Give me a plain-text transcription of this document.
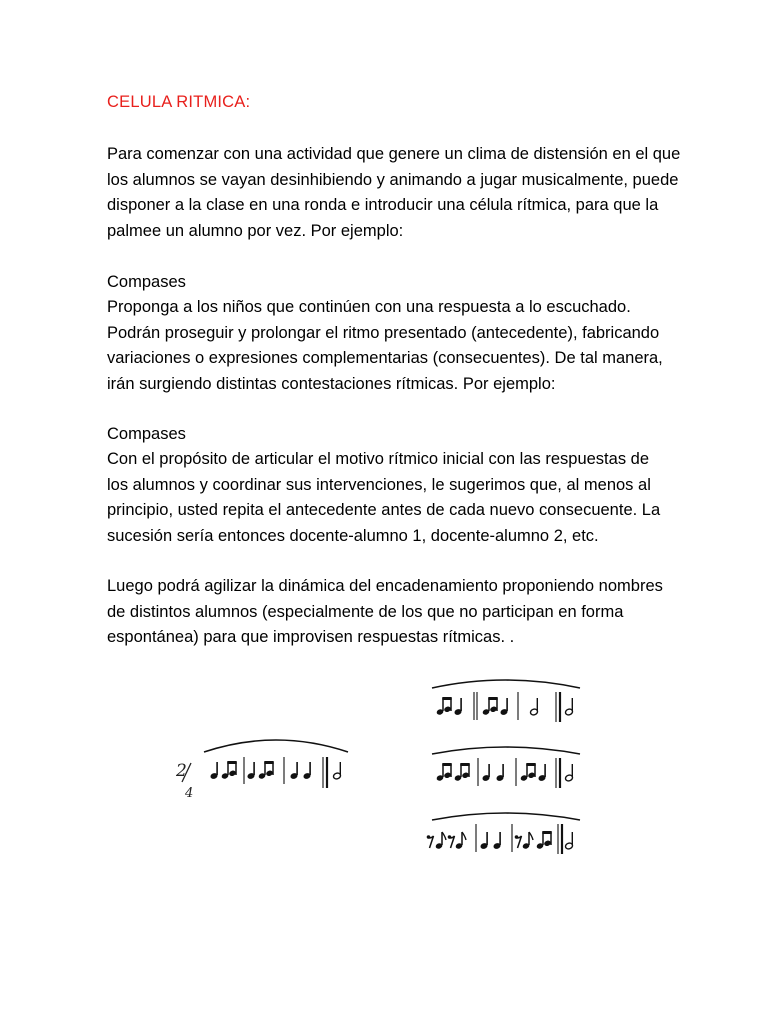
CELULA RITMICA:
Para comenzar con una actividad que genere un clima de distensión en el que
los alumnos se vayan desinhibiendo y animando a jugar musicalmente, puede
disponer a la clase en una ronda e introducir una célula rítmica, para que la
palmee un alumno por vez. Por ejemplo:
Compases
Proponga a los niños que continúen con una respuesta a lo escuchado.
Podrán proseguir y prolongar el ritmo presentado (antecedente), fabricando
variaciones o expresiones complementarias (consecuentes). De tal manera,
irán surgiendo distintas contestaciones rítmicas. Por ejemplo:
Compases
Con el propósito de articular el motivo rítmico inicial con las respuestas de
los alumnos y coordinar sus intervenciones, le sugerimos que, al menos al
principio, usted repita el antecedente antes de cada nuevo consecuente. La
sucesión sería entonces docente-alumno 1, docente-alumno 2, etc.
Luego podrá agilizar la dinámica del encadenamiento proponiendo nombres
de distintos alumnos (especialmente de los que no participan en forma
espontánea) para que improvisen respuestas rítmicas. .
2
4
